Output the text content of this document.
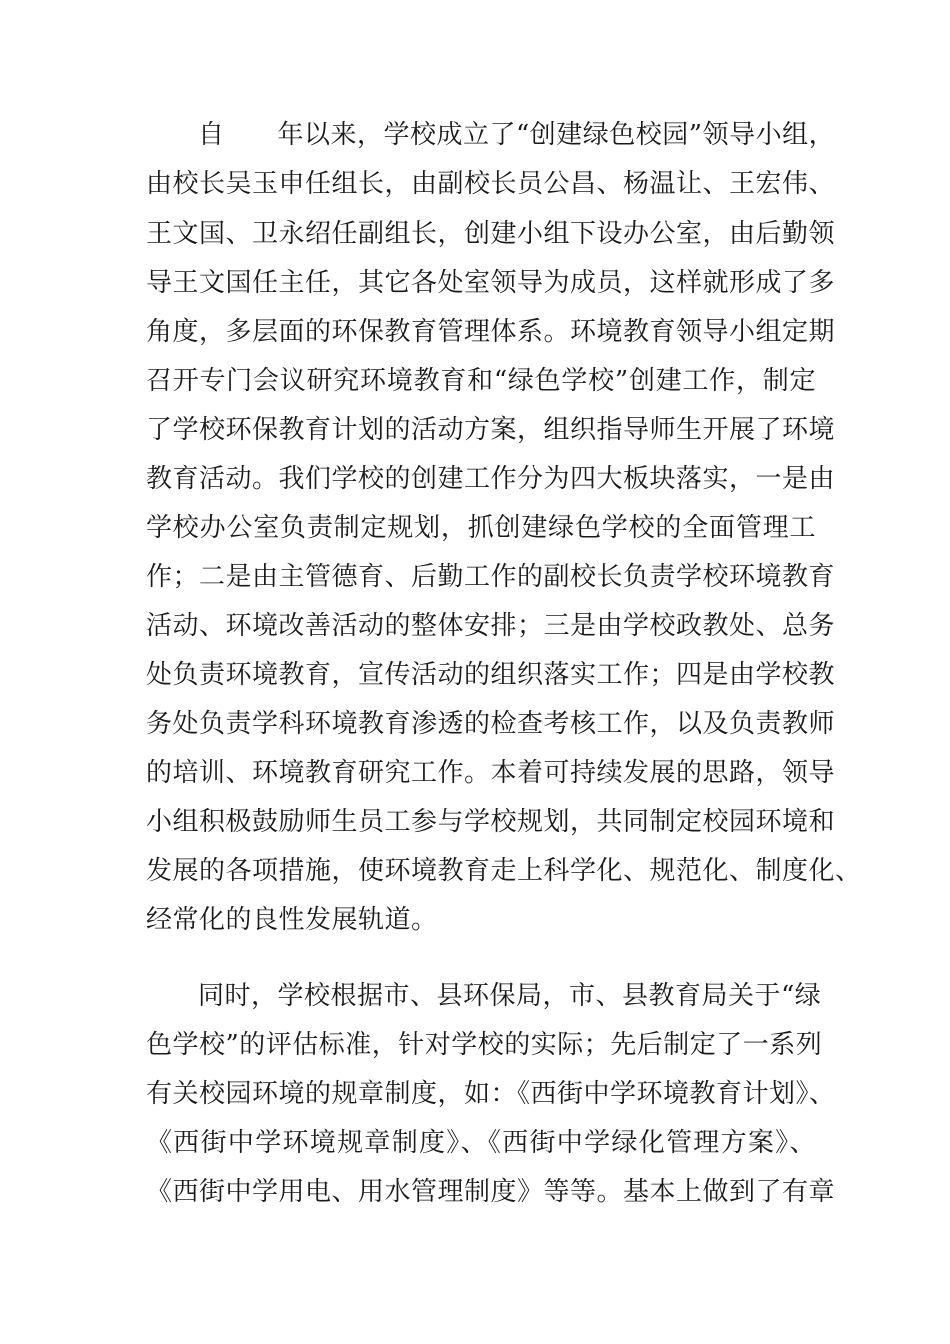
自　　年以来，学校成立了“创建绿色校园”领导小组，
由校长吴玉申任组长，由副校长员公昌、杨温让、王宏伟、
王文国、卫永绍任副组长，创建小组下设办公室，由后勤领
导王文国任主任，其它各处室领导为成员，这样就形成了多
角度，多层面的环保教育管理体系。环境教育领导小组定期
召开专门会议研究环境教育和“绿色学校”创建工作，制定
了学校环保教育计划的活动方案，组织指导师生开展了环境
教育活动。我们学校的创建工作分为四大板块落实，一是由
学校办公室负责制定规划，抓创建绿色学校的全面管理工
作；二是由主管德育、后勤工作的副校长负责学校环境教育
活动、环境改善活动的整体安排；三是由学校政教处、总务
处负责环境教育，宣传活动的组织落实工作；四是由学校教
务处负责学科环境教育渗透的检查考核工作，以及负责教师
的培训、环境教育研究工作。本着可持续发展的思路，领导
小组积极鼓励师生员工参与学校规划，共同制定校园环境和
发展的各项措施，使环境教育走上科学化、规范化、制度化、
经常化的良性发展轨道。
同时，学校根据市、县环保局，市、县教育局关于“绿
色学校”的评估标准，针对学校的实际；先后制定了一系列
有关校园环境的规章制度，如：《西街中学环境教育计划》、
《西街中学环境规章制度》、《西街中学绿化管理方案》、
《西街中学用电、用水管理制度》等等。基本上做到了有章
